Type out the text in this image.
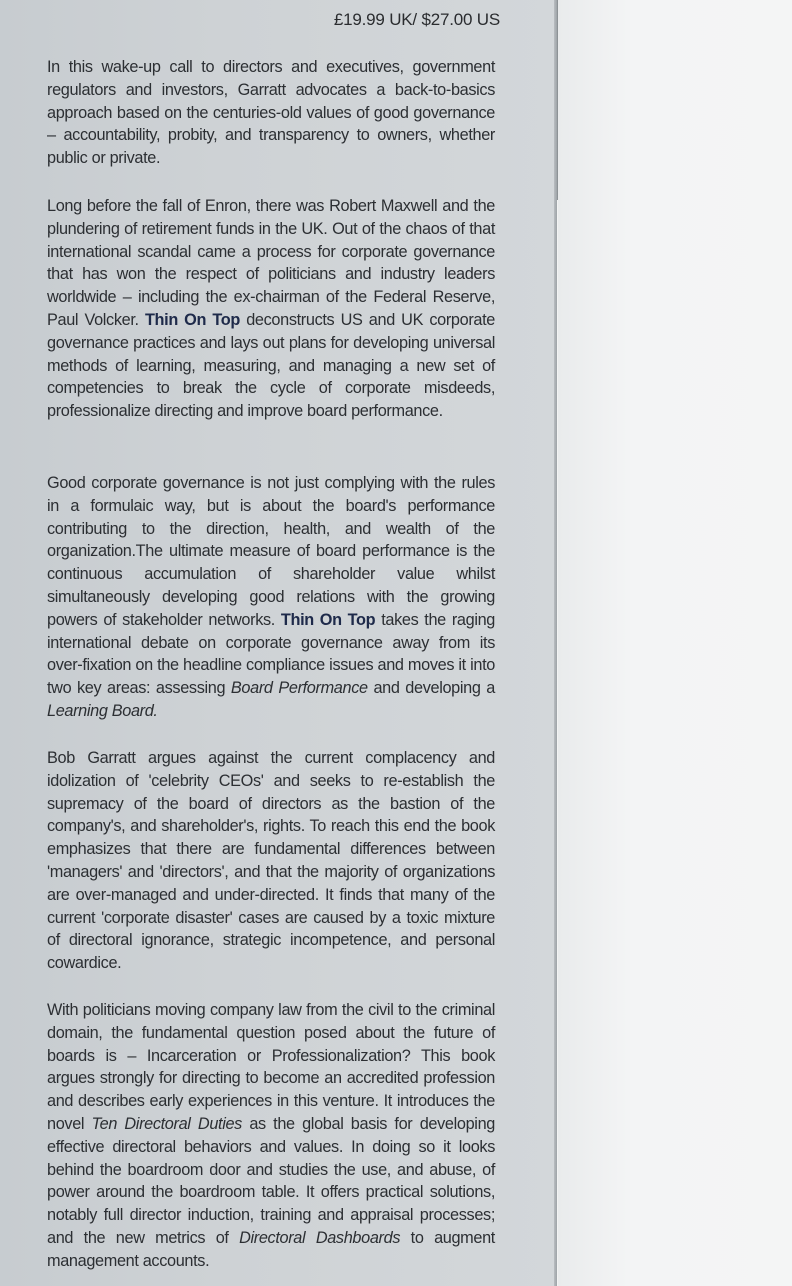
£19.99 UK/ $27.00 US
In this wake-up call to directors and executives, government regulators and investors, Garratt advocates a back-to-basics approach based on the centuries-old values of good governance – accountability, probity, and transparency to owners, whether public or private.
Long before the fall of Enron, there was Robert Maxwell and the plundering of retirement funds in the UK. Out of the chaos of that international scandal came a process for corporate governance that has won the respect of politicians and industry leaders worldwide – including the ex-chairman of the Federal Reserve, Paul Volcker. Thin On Top deconstructs US and UK corporate governance practices and lays out plans for developing universal methods of learning, measuring, and managing a new set of competencies to break the cycle of corporate misdeeds, professionalize directing and improve board performance.
Good corporate governance is not just complying with the rules in a formulaic way, but is about the board's performance contributing to the direction, health, and wealth of the organization.The ultimate measure of board performance is the continuous accumulation of shareholder value whilst simultaneously developing good relations with the growing powers of stakeholder networks. Thin On Top takes the raging international debate on corporate governance away from its over-fixation on the headline compliance issues and moves it into two key areas: assessing Board Performance and developing a Learning Board.
Bob Garratt argues against the current complacency and idolization of 'celebrity CEOs' and seeks to re-establish the supremacy of the board of directors as the bastion of the company's, and shareholder's, rights. To reach this end the book emphasizes that there are fundamental differences between 'managers' and 'directors', and that the majority of organizations are over-managed and under-directed. It finds that many of the current 'corporate disaster' cases are caused by a toxic mixture of directoral ignorance, strategic incompetence, and personal cowardice.
With politicians moving company law from the civil to the criminal domain, the fundamental question posed about the future of boards is – Incarceration or Professionalization? This book argues strongly for directing to become an accredited profession and describes early experiences in this venture. It introduces the novel Ten Directoral Duties as the global basis for developing effective directoral behaviors and values. In doing so it looks behind the boardroom door and studies the use, and abuse, of power around the boardroom table. It offers practical solutions, notably full director induction, training and appraisal processes; and the new metrics of Directoral Dashboards to augment management accounts.
